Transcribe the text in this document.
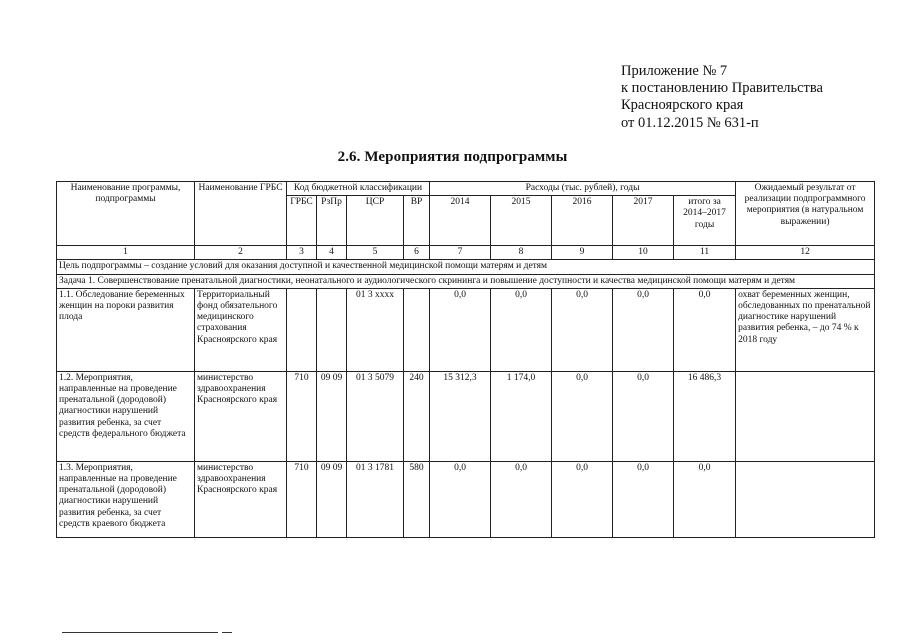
Приложение № 7
к постановлению Правительства
Красноярского края
от 01.12.2015 № 631-п
2.6. Мероприятия подпрограммы
Наименование программы, подпрограммы	Наименование ГРБС	Код бюджетной классификации				Расходы (тыс. рублей), годы					Ожидаемый результат от реализации подпрограммного мероприятия (в натуральном выражении)
		ГРБС	РзПр	ЦСР	ВР	2014	2015	2016	2017	итого за 2014–2017 годы	
1	2	3	4	5	6	7	8	9	10	11	12
Цель подпрограммы – создание условий для оказания доступной и качественной медицинской помощи матерям и детям											
Задача 1. Совершенствование пренатальной диагностики, неонатального и аудиологического скрининга и повышение доступности и качества медицинской помощи матерям и детям											
1.1. Обследование беременных женщин на пороки развития плода	Территориальный фонд обязательного медицинского страхования Красноярского края			01 3 xxxx		0,0	0,0	0,0	0,0	0,0	охват беременных женщин, обследованных по пренатальной диагностике нарушений развития ребенка, – до 74 % к 2018 году
1.2. Мероприятия, направленные на проведение пренатальной (дородовой) диагностики нарушений развития ребенка, за счет средств федерального бюджета	министерство здравоохранения Красноярского края	710	09 09	01 3 5079	240	15 312,3	1 174,0	0,0	0,0	16 486,3	
1.3. Мероприятия, направленные на проведение пренатальной (дородовой) диагностики нарушений развития ребенка, за счет средств краевого бюджета	министерство здравоохранения Красноярского края	710	09 09	01 3 1781	580	0,0	0,0	0,0	0,0	0,0	
